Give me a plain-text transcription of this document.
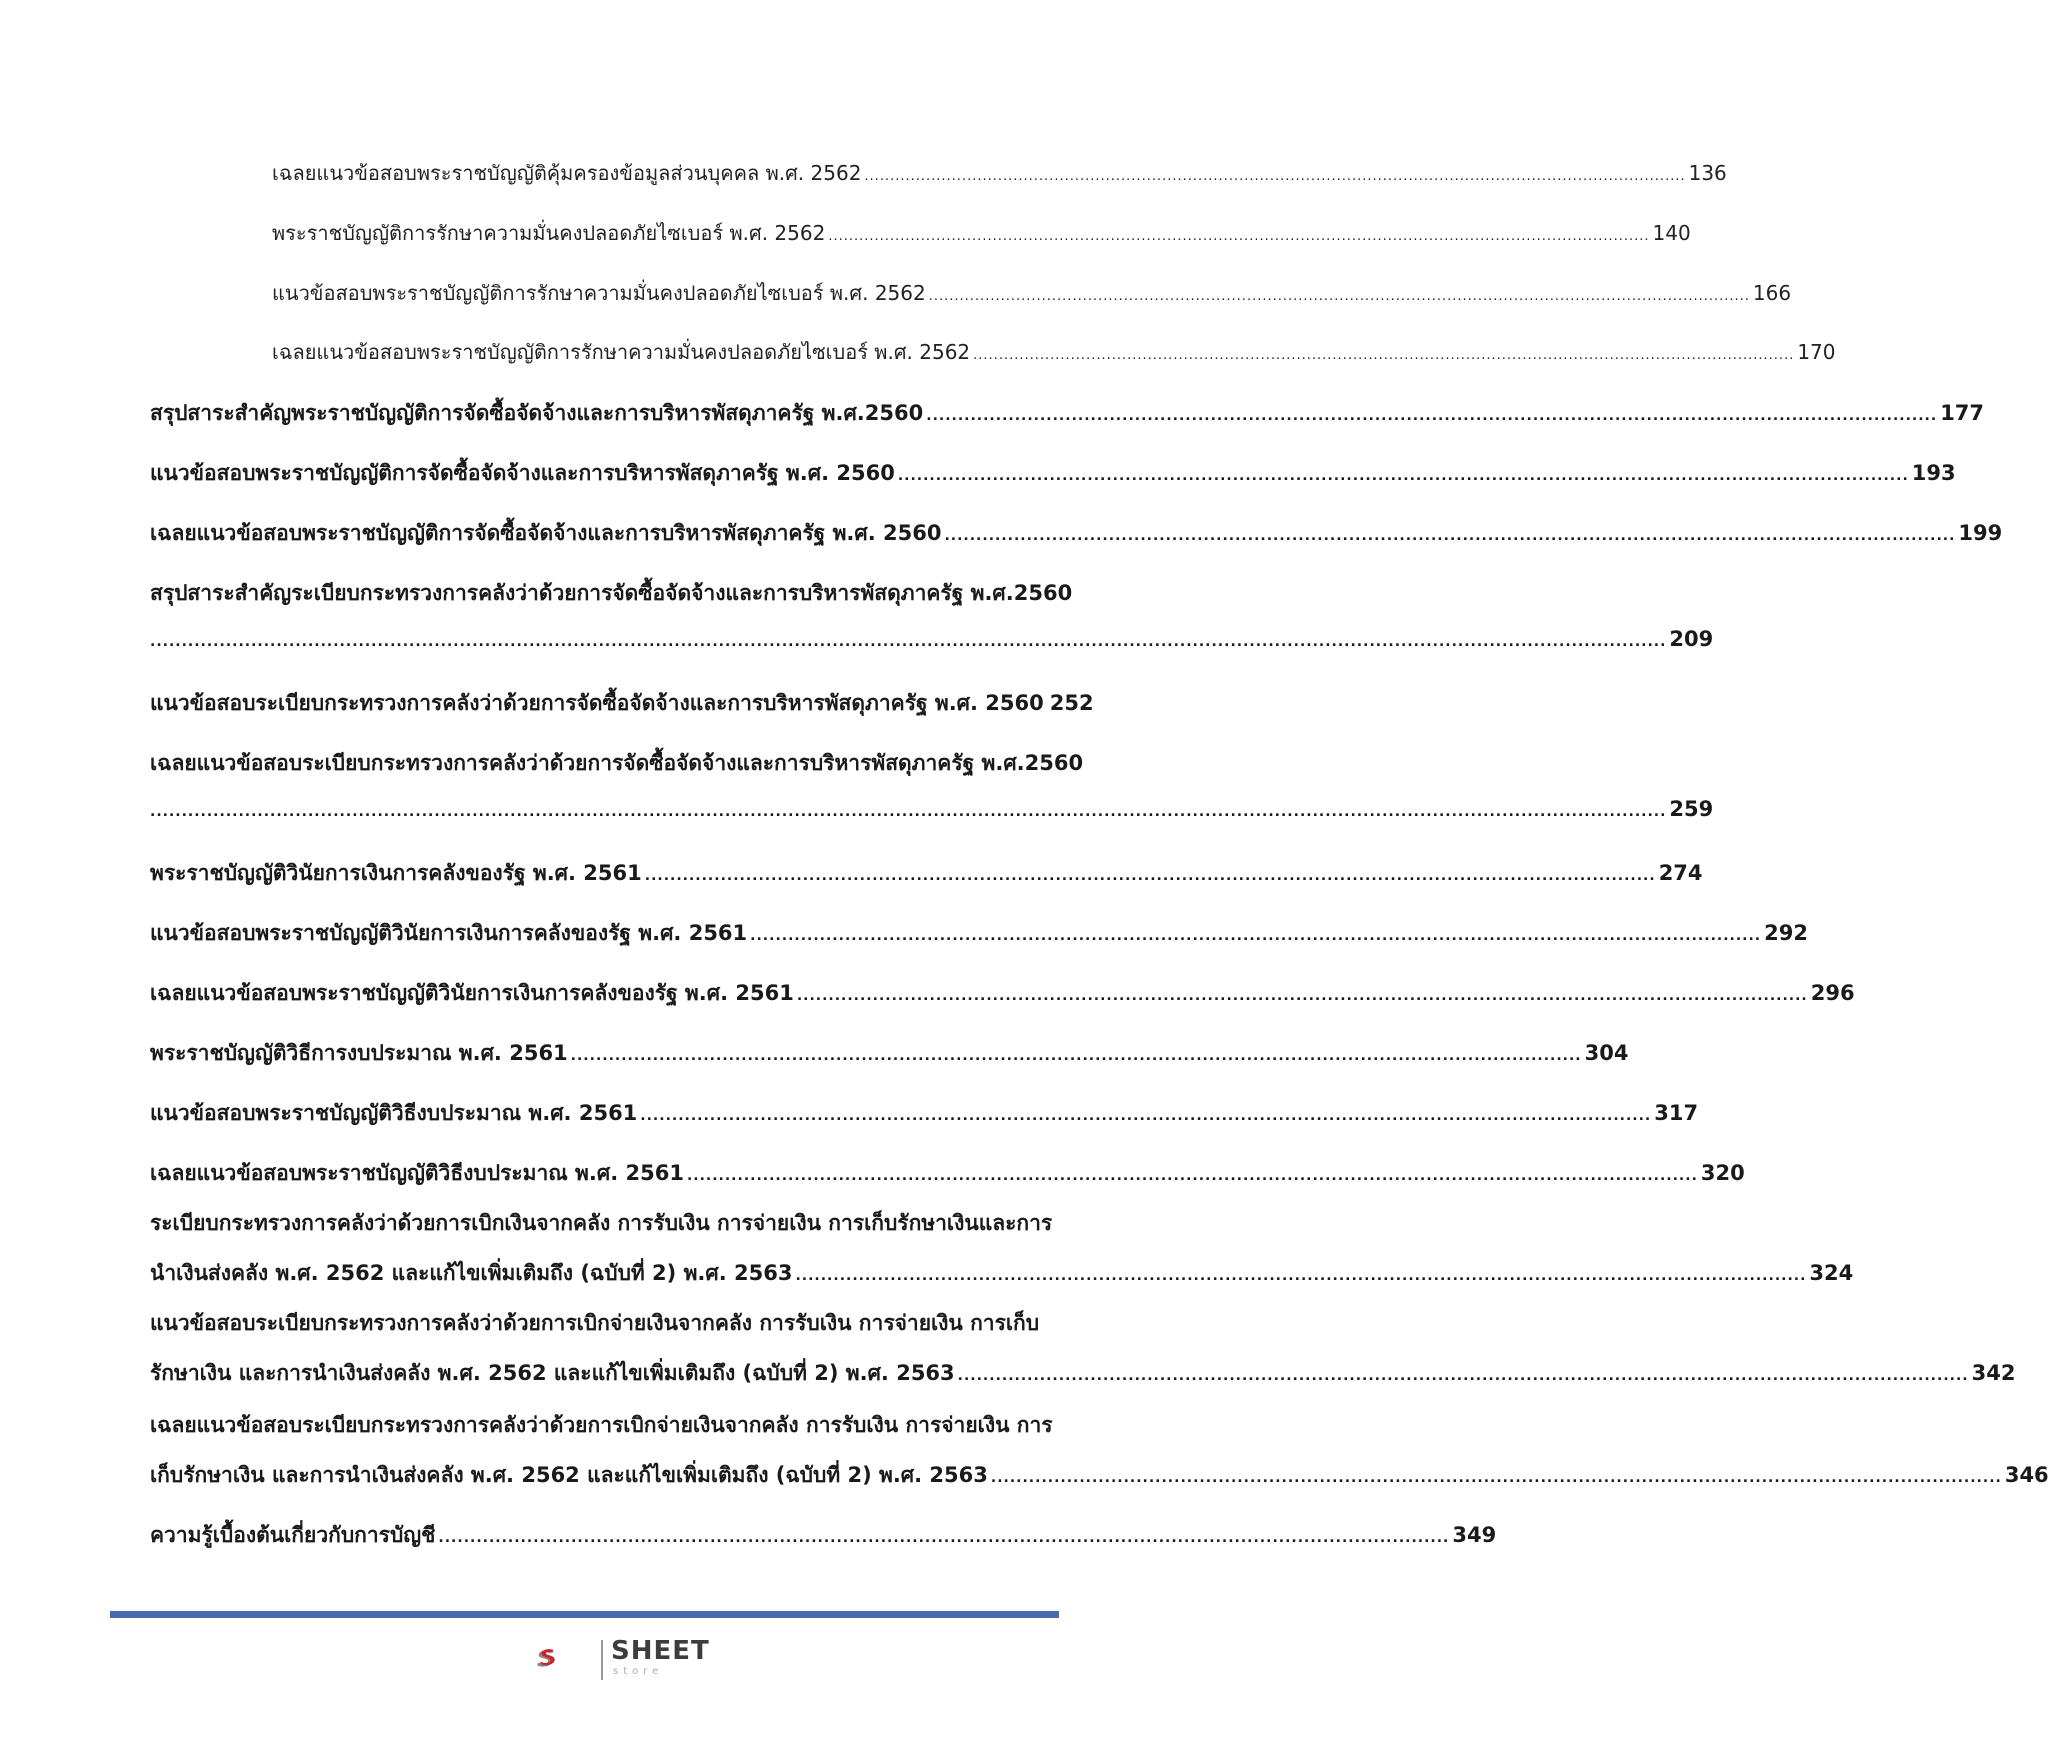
เฉลยแนวข้อสอบพระราชบัญญัติคุ้มครองข้อมูลส่วนบุคคล พ.ศ. 2562 ................................................................................................................................................................ 136
พระราชบัญญัติการรักษาความมั่นคงปลอดภัยไซเบอร์ พ.ศ. 2562 ................................................................................................................................................................ 140
แนวข้อสอบพระราชบัญญัติการรักษาความมั่นคงปลอดภัยไซเบอร์ พ.ศ. 2562 ................................................................................................................................................................ 166
เฉลยแนวข้อสอบพระราชบัญญัติการรักษาความมั่นคงปลอดภัยไซเบอร์ พ.ศ. 2562 ................................................................................................................................................................ 170
สรุปสาระสำคัญพระราชบัญญัติการจัดซื้อจัดจ้างและการบริหารพัสดุภาครัฐ พ.ศ.2560 ................................................................................................................................................................ 177
แนวข้อสอบพระราชบัญญัติการจัดซื้อจัดจ้างและการบริหารพัสดุภาครัฐ พ.ศ. 2560 ................................................................................................................................................................ 193
เฉลยแนวข้อสอบพระราชบัญญัติการจัดซื้อจัดจ้างและการบริหารพัสดุภาครัฐ พ.ศ. 2560 ................................................................................................................................................................ 199
สรุปสาระสำคัญระเบียบกระทรวงการคลังว่าด้วยการจัดซื้อจัดจ้างและการบริหารพัสดุภาครัฐ พ.ศ.2560
................................................................................................................................................................................................................................................ 209
แนวข้อสอบระเบียบกระทรวงการคลังว่าด้วยการจัดซื้อจัดจ้างและการบริหารพัสดุภาครัฐ พ.ศ. 2560 252
เฉลยแนวข้อสอบระเบียบกระทรวงการคลังว่าด้วยการจัดซื้อจัดจ้างและการบริหารพัสดุภาครัฐ พ.ศ.2560
................................................................................................................................................................................................................................................ 259
พระราชบัญญัติวินัยการเงินการคลังของรัฐ พ.ศ. 2561 ................................................................................................................................................................ 274
แนวข้อสอบพระราชบัญญัติวินัยการเงินการคลังของรัฐ พ.ศ. 2561 ................................................................................................................................................................ 292
เฉลยแนวข้อสอบพระราชบัญญัติวินัยการเงินการคลังของรัฐ พ.ศ. 2561 ................................................................................................................................................................ 296
พระราชบัญญัติวิธีการงบประมาณ พ.ศ. 2561 ................................................................................................................................................................ 304
แนวข้อสอบพระราชบัญญัติวิธีงบประมาณ พ.ศ. 2561 ................................................................................................................................................................ 317
เฉลยแนวข้อสอบพระราชบัญญัติวิธีงบประมาณ พ.ศ. 2561 ................................................................................................................................................................ 320
ระเบียบกระทรวงการคลังว่าด้วยการเบิกเงินจากคลัง การรับเงิน การจ่ายเงิน การเก็บรักษาเงินและการ
นำเงินส่งคลัง พ.ศ. 2562 และแก้ไขเพิ่มเติมถึง (ฉบับที่ 2) พ.ศ. 2563 ................................................................................................................................................................ 324
แนวข้อสอบระเบียบกระทรวงการคลังว่าด้วยการเบิกจ่ายเงินจากคลัง การรับเงิน การจ่ายเงิน การเก็บ
รักษาเงิน และการนำเงินส่งคลัง พ.ศ. 2562 และแก้ไขเพิ่มเติมถึง (ฉบับที่ 2) พ.ศ. 2563 ................................................................................................................................................................ 342
เฉลยแนวข้อสอบระเบียบกระทรวงการคลังว่าด้วยการเบิกจ่ายเงินจากคลัง การรับเงิน การจ่ายเงิน การ
เก็บรักษาเงิน และการนำเงินส่งคลัง พ.ศ. 2562 และแก้ไขเพิ่มเติมถึง (ฉบับที่ 2) พ.ศ. 2563 ................................................................................................................................................................ 346
ความรู้เบื้องต้นเกี่ยวกับการบัญชี ................................................................................................................................................................ 349
SHEET
store
